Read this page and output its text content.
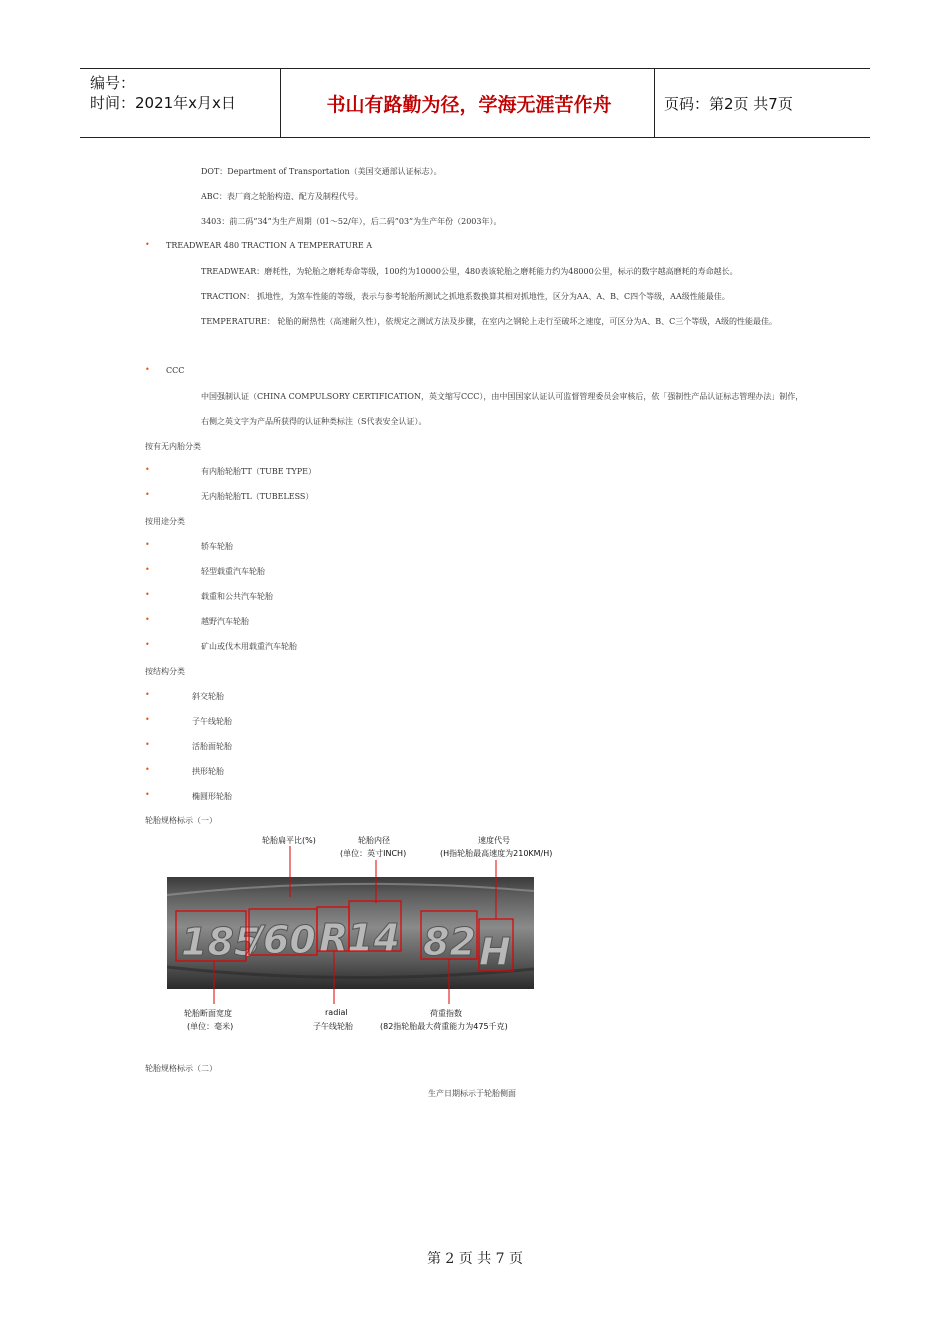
编号：
时间：2021年x月x日	书山有路勤为径，学海无涯苦作舟	页码：第2页 共7页
DOT：Department of Transportation（美国交通部认证标志）。
ABC：表厂商之轮胎构造、配方及制程代号。
3403：前二码”34”为生产周期（01～52/年），后二码”03”为生产年份（2003年）。
• TREADWEAR 480 TRACTION A TEMPERATURE A
TREADWEAR：磨耗性，为轮胎之磨耗寿命等级，100约为10000公里，480表该轮胎之磨耗能力约为48000公里，标示的数字越高磨耗的寿命越长。
TRACTION： 抓地性，为煞车性能的等级，表示与参考轮胎所测试之抓地系数换算其相对抓地性，区分为AA、A、B、C四个等级，AA级性能最佳。
TEMPERATURE： 轮胎的耐热性（高速耐久性），依规定之测试方法及步骤，在室内之钢轮上走行至破坏之速度，可区分为A、B、C三个等级，A级的性能最佳。
• CCC
中国强制认证（CHINA COMPULSORY CERTIFICATION，英文缩写CCC），由中国国家认证认可监督管理委员会审核后，依「强制性产品认证标志管理办法」制作，
右侧之英文字为产品所获得的认证种类标注（S代表安全认证）。
按有无内胎分类
•	有内胎轮胎TT（TUBE TYPE）
•	无内胎轮胎TL（TUBELESS）
按用途分类
•	轿车轮胎
•	轻型载重汽车轮胎
•	载重和公共汽车轮胎
•	越野汽车轮胎
•	矿山或伐木用载重汽车轮胎
按结构分类
•	斜交轮胎
•	子午线轮胎
•	活胎面轮胎
•	拱形轮胎
•	椭圆形轮胎
轮胎规格标示（一）
轮胎扁平比(%)	轮胎内径
(单位：英寸INCH)
速度代号
(H指轮胎最高速度为210KM/H)
185
/60 R
14 82 H
轮胎断面宽度
(单位：毫米)
radial
子午线轮胎
荷重指数
(82指轮胎最大荷重能力为475千克)
轮胎规格标示（二）
生产日期标示于轮胎侧面
第 2 页 共 7 页
